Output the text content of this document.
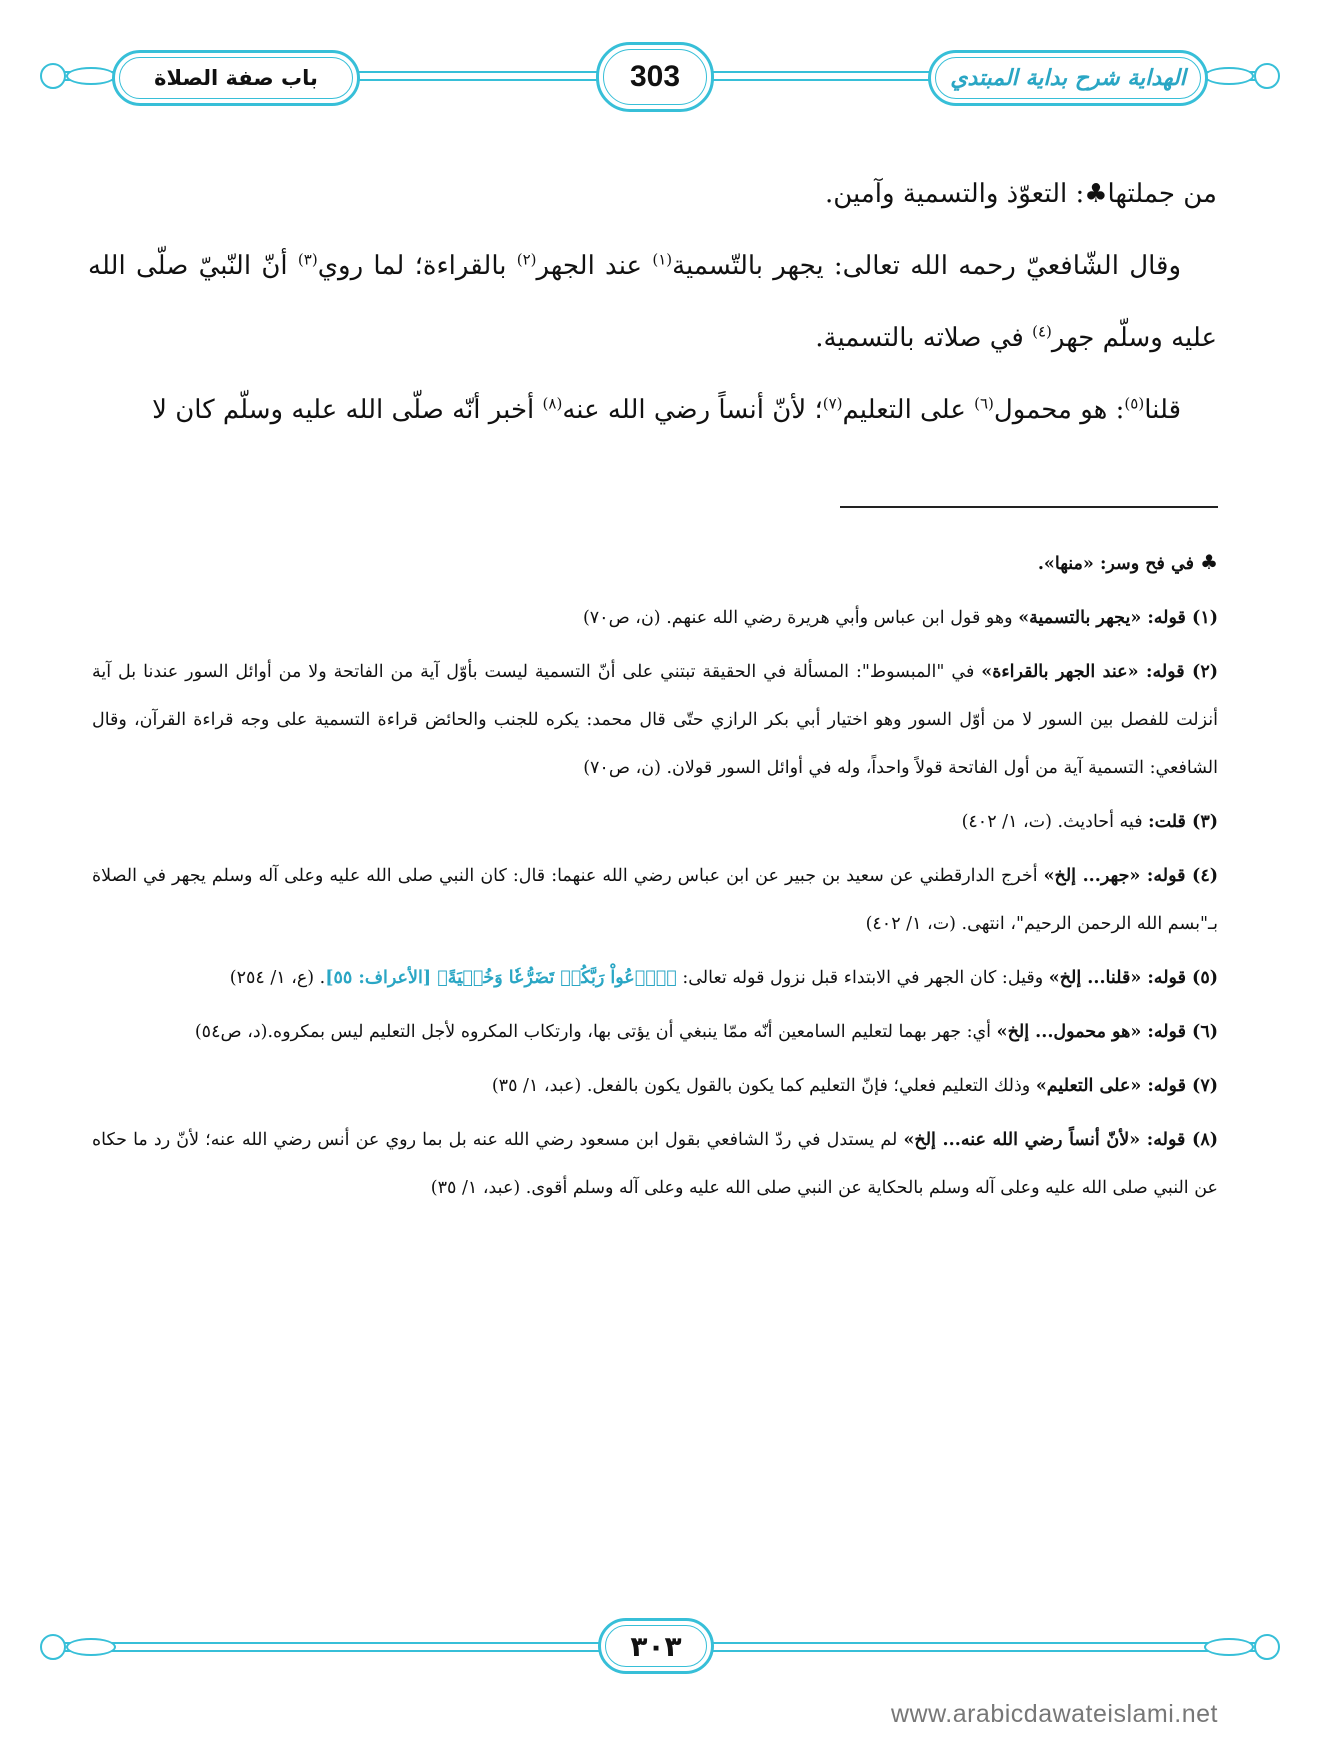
باب صفة الصلاة	303	الهداية شرح بداية المبتدي

من جملتها♣: التعوّذ والتسمية وآمين.

وقال الشّافعيّ رحمه الله تعالى: يجهر بالتّسمية$^{(١)}$ عند الجهر$^{(٢)}$ بالقراءة؛ لما روي$^{(٣)}$ أنّ النّبيّ صلّى الله عليه وسلّم جهر$^{(٤)}$ في صلاته بالتسمية.

قلنا$^{(٥)}$: هو محمول$^{(٦)}$ على التعليم$^{(٧)}$؛ لأنّ أنساً رضي الله عنه$^{(٨)}$ أخبر أنّه صلّى الله عليه وسلّم كان لا

♣ في فح وسر: «منها».

(١) قوله: «يجهر بالتسمية» وهو قول ابن عباس وأبي هريرة رضي الله عنهم. (ن، ص٧٠)

(٢) قوله: «عند الجهر بالقراءة» في "المبسوط": المسألة في الحقيقة تبتني على أنّ التسمية ليست بأوّل آية من الفاتحة ولا من أوائل السور عندنا بل آية أنزلت للفصل بين السور لا من أوّل السور وهو اختيار أبي بكر الرازي حتّى قال محمد: يكره للجنب والحائض قراءة التسمية على وجه قراءة القرآن، وقال الشافعي: التسمية آية من أول الفاتحة قولاً واحداً، وله في أوائل السور قولان. (ن، ص٧٠)

(٣) قلت: فيه أحاديث. (ت، ١/ ٤٠٢)

(٤) قوله: «جهر... إلخ» أخرج الدارقطني عن سعيد بن جبير عن ابن عباس رضي الله عنهما: قال: كان النبي صلى الله عليه وعلى آله وسلم يجهر في الصلاة بـ"بسم الله الرحمن الرحيم"، انتهى. (ت، ١/ ٤٠٢)

(٥) قوله: «قلنا... إلخ» وقيل: كان الجهر في الابتداء قبل نزول قوله تعالى: ﴿ٱدۡعُواْ رَبَّكُمۡ تَضَرُّعٗا وَخُفۡيَةً﴾ [الأعراف: ٥٥]. (ع، ١/ ٢٥٤)

(٦) قوله: «هو محمول... إلخ» أي: جهر بهما لتعليم السامعين أنّه ممّا ينبغي أن يؤتى بها، وارتكاب المكروه لأجل التعليم ليس بمكروه.(د، ص٥٤)

(٧) قوله: «على التعليم» وذلك التعليم فعلي؛ فإنّ التعليم كما يكون بالقول يكون بالفعل. (عبد، ١/ ٣٥)

(٨) قوله: «لأنّ أنساً رضي الله عنه... إلخ» لم يستدل في ردّ الشافعي بقول ابن مسعود رضي الله عنه بل بما روي عن أنس رضي الله عنه؛ لأنّ رد ما حكاه عن النبي صلى الله عليه وعلى آله وسلم بالحكاية عن النبي صلى الله عليه وعلى آله وسلم أقوى. (عبد، ١/ ٣٥)

٣٠٣
www.arabicdawateislami.net
